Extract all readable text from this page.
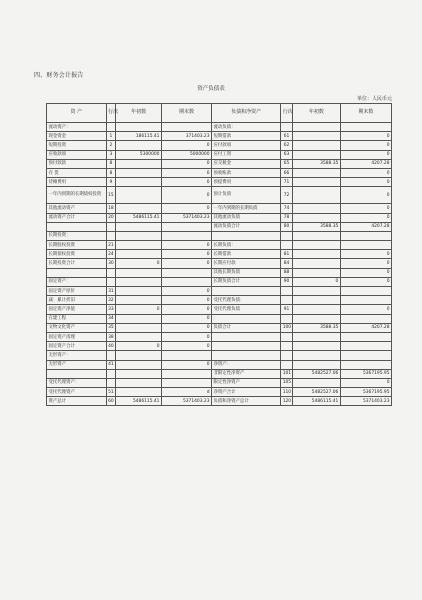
四、财务会计报告
资产负债表
单位：人民币元
资 产	行次	年初数	期末数	负债和净资产	行次	年初数	期末数
流动资产：				流动负债：			
现金资金	1	186115.41	371403.23	短期借款	61		0
短期投资	2		0	应付款项	62		0
应收款项	3	5300000	5000000	应付工资	63		0
预付款款	8		0	应交税金	65	3588.35	4207.28
存 货	8		0	预收账款	66		0
待摊费用	9		0	预提费用	71		0
一年内到期的长期债权投资	15		0	预计负债	72		0
其他流动资产	18		0	一年内到期的长期负债	74		0
流动资产合计	20	5486115.41	5371403.23	其他流动负债	78		0
				流动负债合计	80	3588.35	4207.28
长期投资：							
长期股权投资	21		0	长期负债：			
长期债权投资	24		0	长期借款	81		0
长期投资合计	30	0	0	长期应付款	84		0
				其他长期负债	88		0
固定资产：				长期负债合计	90	0	0
固定资产原价	31		0				
减：累计折旧	32		0	受托代理负债：			
固定资产净值	33	0	0	受托代理负债	91		0
在建工程	34		0				
文物文化资产	35		0	负债合计	100	3588.35	4207.28
固定资产清理	38		0				
固定资产合计	40	0	0				
无形资产：							
无形资产	41		0	净资产：			
				非限定性净资产	101	5482527.06	5367195.95
受托代理资产：				限定性净资产	105		0
受托代理资产	51		d	净资产合计	110	5482527.06	5367195.95
资产总计	60	5486115.41	5371403.23	负债和净资产总计	120	5486115.41	5371403.23
